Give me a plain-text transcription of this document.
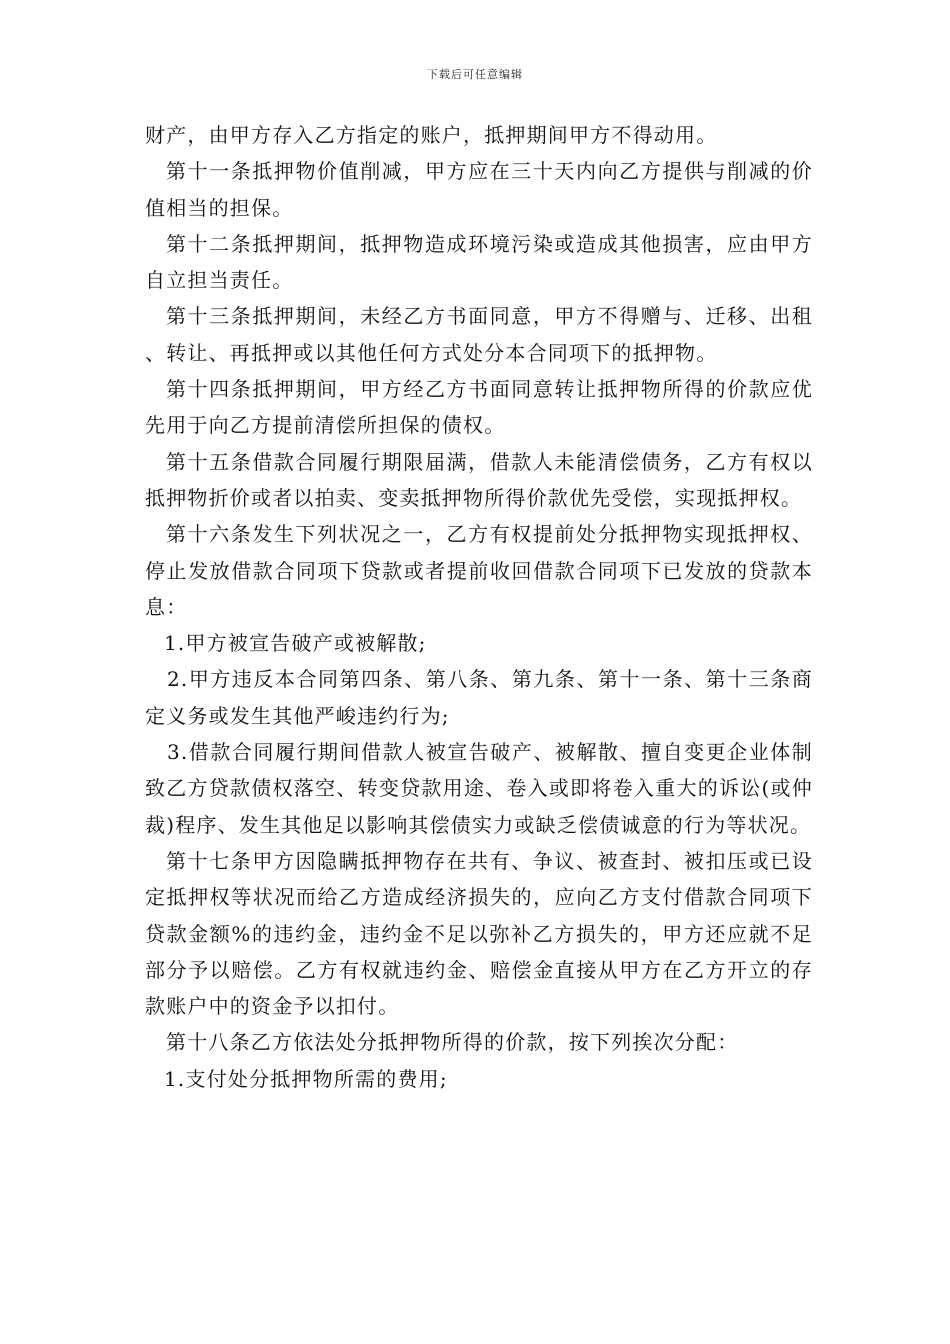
下载后可任意编辑

财产，由甲方存入乙方指定的账户，抵押期间甲方不得动用。

第十一条抵押物价值削减，甲方应在三十天内向乙方提供与削减的价值相当的担保。

第十二条抵押期间，抵押物造成环境污染或造成其他损害，应由甲方自立担当责任。

第十三条抵押期间，未经乙方书面同意，甲方不得赠与、迁移、出租、转让、再抵押或以其他任何方式处分本合同项下的抵押物。

第十四条抵押期间，甲方经乙方书面同意转让抵押物所得的价款应优先用于向乙方提前清偿所担保的债权。

第十五条借款合同履行期限届满，借款人未能清偿债务，乙方有权以抵押物折价或者以拍卖、变卖抵押物所得价款优先受偿，实现抵押权。

第十六条发生下列状况之一，乙方有权提前处分抵押物实现抵押权、停止发放借款合同项下贷款或者提前收回借款合同项下已发放的贷款本息：

1.甲方被宣告破产或被解散;

2.甲方违反本合同第四条、第八条、第九条、第十一条、第十三条商定义务或发生其他严峻违约行为;

3.借款合同履行期间借款人被宣告破产、被解散、擅自变更企业体制致乙方贷款债权落空、转变贷款用途、卷入或即将卷入重大的诉讼(或仲裁)程序、发生其他足以影响其偿债实力或缺乏偿债诚意的行为等状况。

第十七条甲方因隐瞒抵押物存在共有、争议、被查封、被扣压或已设定抵押权等状况而给乙方造成经济损失的，应向乙方支付借款合同项下贷款金额%的违约金，违约金不足以弥补乙方损失的，甲方还应就不足部分予以赔偿。乙方有权就违约金、赔偿金直接从甲方在乙方开立的存款账户中的资金予以扣付。

第十八条乙方依法处分抵押物所得的价款，按下列挨次分配：

1.支付处分抵押物所需的费用;
